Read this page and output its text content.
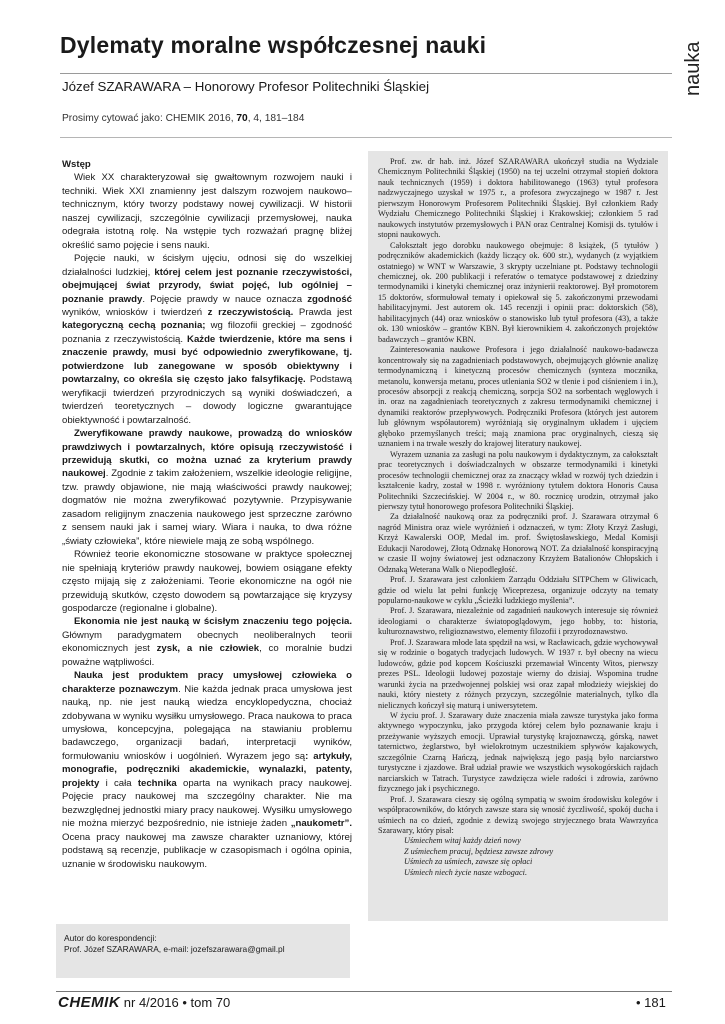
Dylematy moralne współczesnej nauki	nauka
Józef SZARAWARA – Honorowy Profesor Politechniki Śląskiej
Prosimy cytować jako: CHEMIK 2016, 70, 4, 181–184
Wstęp

Wiek XX charakteryzował się gwałtownym rozwojem nauki i techniki. Wiek XXI znamienny jest dalszym rozwojem naukowo–technicznym, który tworzy podstawy nowej cywilizacji. W historii naszej cywilizacji, szczególnie cywilizacji przemysłowej, nauka odegrała istotną rolę. Na wstępie tych rozważań pragnę bliżej określić samo pojęcie i sens nauki.

Pojęcie nauki, w ścisłym ujęciu, odnosi się do wszelkiej działalności ludzkiej, której celem jest poznanie rzeczywistości, obejmującej świat przyrody, świat pojęć, lub ogólniej – poznanie prawdy. Pojęcie prawdy w nauce oznacza zgodność wyników, wniosków i twierdzeń z rzeczywistością. Prawda jest kategoryczną cechą poznania; wg filozofii greckiej – zgodność poznania z rzeczywistością. Każde twierdzenie, które ma sens i znaczenie prawdy, musi być odpowiednio zweryfikowane, tj. potwierdzone lub zanegowane w sposób obiektywny i powtarzalny, co określa się często jako falsyfikację. Podstawą weryfikacji twierdzeń przyrodniczych są wyniki doświadczeń, a twierdzeń teoretycznych – dowody logiczne gwarantujące obiektywność i powtarzalność.

Zweryfikowane prawdy naukowe, prowadzą do wniosków prawdziwych i powtarzalnych, które opisują rzeczywistość i przewidują skutki, co można uznać za kryterium prawdy naukowej. Zgodnie z takim założeniem, wszelkie ideologie religijne, tzw. prawdy objawione, nie mają właściwości prawdy naukowej; dogmatów nie można zweryfikować pozytywnie. Przypisywanie zasadom religijnym znaczenia naukowego jest sprzeczne zarówno z sensem nauki jak i samej wiary. Wiara i nauka, to dwa różne „światy człowieka”, które niewiele mają ze sobą wspólnego.

Również teorie ekonomiczne stosowane w praktyce społecznej nie spełniają kryteriów prawdy naukowej, bowiem osiągane efekty często mijają się z założeniami. Teorie ekonomiczne na ogół nie przewidują skutków, często dowodem są powtarzające się kryzysy gospodarcze (regionalne i globalne).

Ekonomia nie jest nauką w ścisłym znaczeniu tego pojęcia. Głównym paradygmatem obecnych neoliberalnych teorii ekonomicznych jest zysk, a nie człowiek, co moralnie budzi poważne wątpliwości.

Nauka jest produktem pracy umysłowej człowieka o charakterze poznawczym. Nie każda jednak praca umysłowa jest nauką, np. nie jest nauką wiedza encyklopedyczna, chociaż zdobywana w wyniku wysiłku umysłowego. Praca naukowa to praca umysłowa, koncepcyjna, polegająca na stawianiu problemu badawczego, organizacji badań, interpretacji wyników, formułowaniu wniosków i uogólnień. Wyrazem jego są: artykuły, monografie, podręczniki akademickie, wynalazki, patenty, projekty i cała technika oparta na wynikach pracy naukowej. Pojęcie pracy naukowej ma szczególny charakter. Nie ma bezwzględnej jednostki miary pracy naukowej. Wysiłku umysłowego nie można mierzyć bezpośrednio, nie istnieje żaden „naukometr”. Ocena pracy naukowej ma zawsze charakter uznaniowy, której podstawą są recenzje, publikacje w czasopismach i ogólna opinia, uznanie w środowisku naukowym.

Prof. zw. dr hab. inż. Józef SZARAWARA ukończył studia na Wydziale Chemicznym Politechniki Śląskiej (1950) na tej uczelni otrzymał stopień doktora nauk technicznych (1959) i doktora habilitowanego (1963) tytuł profesora nadzwyczajnego uzyskał w 1975 r., a profesora zwyczajnego w 1987 r. Jest pierwszym Honorowym Profesorem Politechniki Śląskiej. Był członkiem Rady Wydziału Chemicznego Politechniki Śląskiej i Krakowskiej; członkiem 5 rad naukowych instytutów przemysłowych i PAN oraz Centralnej Komisji ds. tytułów i stopni naukowych.

Całokształt jego dorobku naukowego obejmuje: 8 książek, (5 tytułów ) podręczników akademickich (każdy liczący ok. 600 str.), wydanych (z wyjątkiem ostatniego) w WNT w Warszawie, 3 skrypty uczelniane pt. Podstawy technologii chemicznej, ok. 200 publikacji i referatów o tematyce podstawowej z dziedziny termodynamiki i kinetyki chemicznej oraz inżynierii reaktorowej. Był promotorem 15 doktorów, sformułował tematy i opiekował się 5. zakończonymi przewodami habilitacyjnymi. Jest autorem ok. 145 recenzji i opinii prac: doktorskich (58), habilitacyjnych (44) oraz wniosków o stanowisko lub tytuł profesora (43), a także ok. 130 wniosków – grantów KBN. Był kierownikiem 4. zakończonych projektów badawczych – grantów KBN.

Zainteresowania naukowe Profesora i jego działalność naukowo-badawcza koncentrowały się na zagadnieniach podstawowych, obejmujących głównie analizę termodynamiczną i kinetyczną procesów chemicznych (synteza mocznika, metanolu, konwersja metanu, proces utleniania SO2 w tlenie i pod ciśnieniem i in.), procesów absorpcji z reakcją chemiczną, sorpcja SO2 na sorbentach węglowych i in. oraz na zagadnieniach teoretycznych z zakresu termodynamiki chemicznej i dynamiki reaktorów przepływowych. Podręczniki Profesora (których jest autorem lub głównym współautorem) wyróżniają się oryginalnym układem i ujęciem głęboko przemyślanych treści; mają znamiona prac oryginalnych, cieszą się uznaniem i na trwałe weszły do krajowej literatury naukowej.

Wyrazem uznania za zasługi na polu naukowym i dydaktycznym, za całokształt prac teoretycznych i doświadczalnych w obszarze termodynamiki i kinetyki procesów technologii chemicznej oraz za znaczący wkład w rozwój tych dziedzin i kształcenie kadry, został w 1998 r. wyróżniony tytułem doktora Honoris Causa Politechniki Szczecińskiej. W 2004 r., w 80. rocznicę urodzin, otrzymał jako pierwszy tytuł honorowego profesora Politechniki Śląskiej.

Za działalność naukową oraz za podręczniki prof. J. Szarawara otrzymał 6 nagród Ministra oraz wiele wyróżnień i odznaczeń, w tym: Złoty Krzyż Zasługi, Krzyż Kawalerski OOP, Medal im. prof. Świętosławskiego, Medal Komisji Edukacji Narodowej, Złotą Odznakę Honorową NOT. Za działalność konspiracyjną w czasie II wojny światowej jest odznaczony Krzyżem Batalionów Chłopskich i Odznaką Weterana Walk o Niepodległość.

Prof. J. Szarawara jest członkiem Zarządu Oddziału SITPChem w Gliwicach, gdzie od wielu lat pełni funkcję Wiceprezesa, organizuje odczyty na tematy popularno-naukowe w cyklu „Ścieżki ludzkiego myślenia”.

Prof. J. Szarawara, niezależnie od zagadnień naukowych interesuje się również ideologiami o charakterze światopoglądowym, jego hobby, to: historia, kulturoznawstwo, religioznawstwo, elementy filozofii i przyrodoznawstwo.

Prof. J. Szarawara młode lata spędził na wsi, w Racławicach, gdzie wychowywał się w rodzinie o bogatych tradycjach ludowych. W 1937 r. był obecny na wiecu ludowców, gdzie pod kopcem Kościuszki przemawiał Wincenty Witos, pierwszy prezes PSL. Ideologii ludowej pozostaje wierny do dzisiaj. Wspomina trudne warunki życia na przedwojennej polskiej wsi oraz zapał młodzieży wiejskiej do nauki, który niestety z różnych przyczyn, szczególnie materialnych, tylko dla nielicznych kończył się maturą i uniwersytetem.

W życiu prof. J. Szarawary duże znaczenia miała zawsze turystyka jako forma aktywnego wypoczynku, jako przygoda której celem było poznawanie kraju i przeżywanie wyższych emocji. Uprawiał turystykę krajoznawczą, górską, nawet taternictwo, żeglarstwo, był wielokrotnym uczestnikiem spływów kajakowych, szczególnie Czarną Hańczą, jednak największą jego pasją było narciarstwo turystyczne i zjazdowe. Brał udział prawie we wszystkich wysokogórskich rajdach narciarskich w Tatrach. Turystyce zawdzięcza wiele radości i zdrowia, zarówno fizycznego jak i psychicznego.

Prof. J. Szarawara cieszy się ogólną sympatią w swoim środowisku kolegów i współpracowników, do których zawsze stara się wnosić życzliwość, spokój ducha i uśmiech na co dzień, zgodnie z dewizą swojego stryjecznego brata Wawrzyńca Szarawary, który pisał:

Uśmiechem witaj każdy dzień nowy
Z uśmiechem pracuj, będziesz zawsze zdrowy
Uśmiech za uśmiech, zawsze się opłaci
Uśmiech niech życie nasze wzbogaci.
Autor do korespondencji:
Prof. Józef SZARAWARA, e-mail: jozefszarawara@gmail.pl
CHEMIK nr 4/2016 • tom 70	• 181
